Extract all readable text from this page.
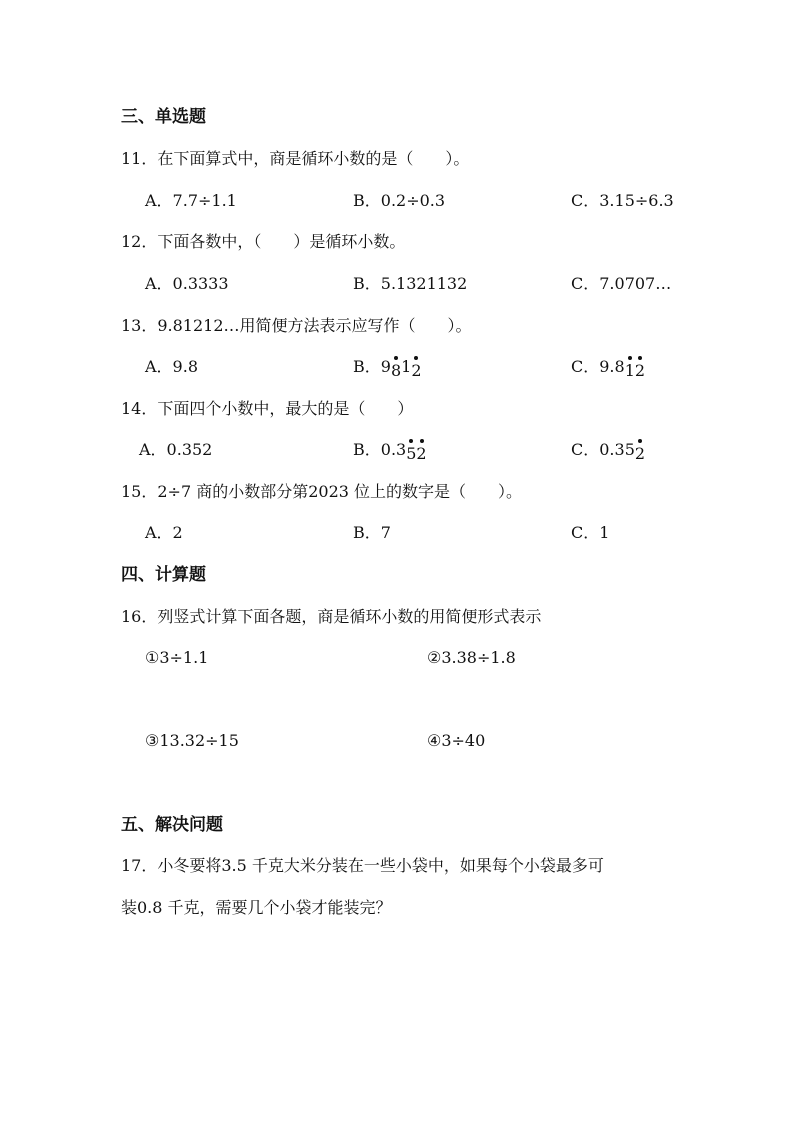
三、单选题
11．在下面算式中，商是循环小数的是（　　）。
A．7.7÷1.1	B．0.2÷0.3	C．3.15÷6.3
12．下面各数中，（　　）是循环小数。
A．0.3333	B．5.1321132	C．7.0707…
13．9.81212…用简便方法表示应写作（　　）。
A．9.8	B．9
81
2	C．9.8
1
2
14．下面四个小数中，最大的是（　　）
A．0.352	B．0.3
5
2	C．0.35
2
15．2÷7 商的小数部分第2023 位上的数字是（　　）。
A．2	B．7	C．1
四、计算题
16．列竖式计算下面各题，商是循环小数的用简便形式表示
①3÷1.1	②3.38÷1.8
③13.32÷15	④3÷40
五、解决问题
17．小冬要将3.5 千克大米分装在一些小袋中，如果每个小袋最多可
装0.8 千克，需要几个小袋才能装完？
